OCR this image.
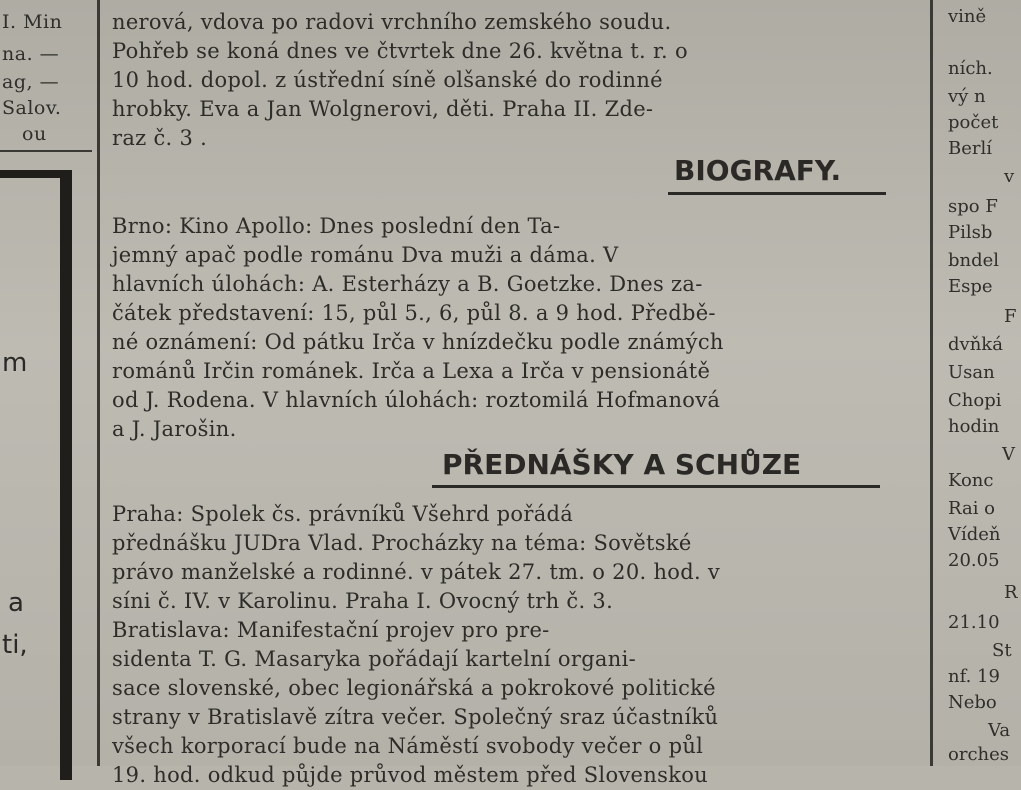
I. Min
na. —
ag, —
Salov.
ou
m
a
ti,
nerová, vdova po radovi vrchního zemského soudu.
Pohřeb se koná dnes ve čtvrtek dne 26. května t. r. o
10 hod. dopol. z ústřední síně olšanské do rodinné
hrobky. Eva a Jan Wolgnerovi, děti. Praha II. Zde-
raz č. 3 .
BIOGRAFY.
Brno: Kino Apollo: Dnes poslední den Ta-
jemný apač podle románu Dva muži a dáma. V
hlavních úlohách: A. Esterházy a B. Goetzke. Dnes za-
čátek představení: 15, půl 5., 6, půl 8. a 9 hod. Předbě-
né oznámení: Od pátku Irča v hnízdečku podle známých
románů Irčin románek. Irča a Lexa a Irča v pensionátě
od J. Rodena. V hlavních úlohách: roztomilá Hofmanová
a J. Jarošin.
PŘEDNÁŠKY A SCHŮZE
Praha: Spolek čs. právníků Všehrd pořádá
přednášku JUDra Vlad. Procházky na téma: Sovětské
právo manželské a rodinné. v pátek 27. tm. o 20. hod. v
síni č. IV. v Karolinu. Praha I. Ovocný trh č. 3.
Bratislava: Manifestační projev pro pre-
sidenta T. G. Masaryka pořádají kartelní organi-
sace slovenské, obec legionářská a pokrokové politické
strany v Bratislavě zítra večer. Společný sraz účastníků
všech korporací bude na Náměstí svobody večer o půl
19. hod. odkud půjde průvod městem před Slovenskou
vině
ních.
vý n
počet
Berlí
v
spo F
Pilsb
bndel
Espe
F
dvňká
Usan
Chopi
hodin
V
Konc
Rai o
Vídeň
20.05
R
21.10
St
nf. 19
Nebo
Va
orches
